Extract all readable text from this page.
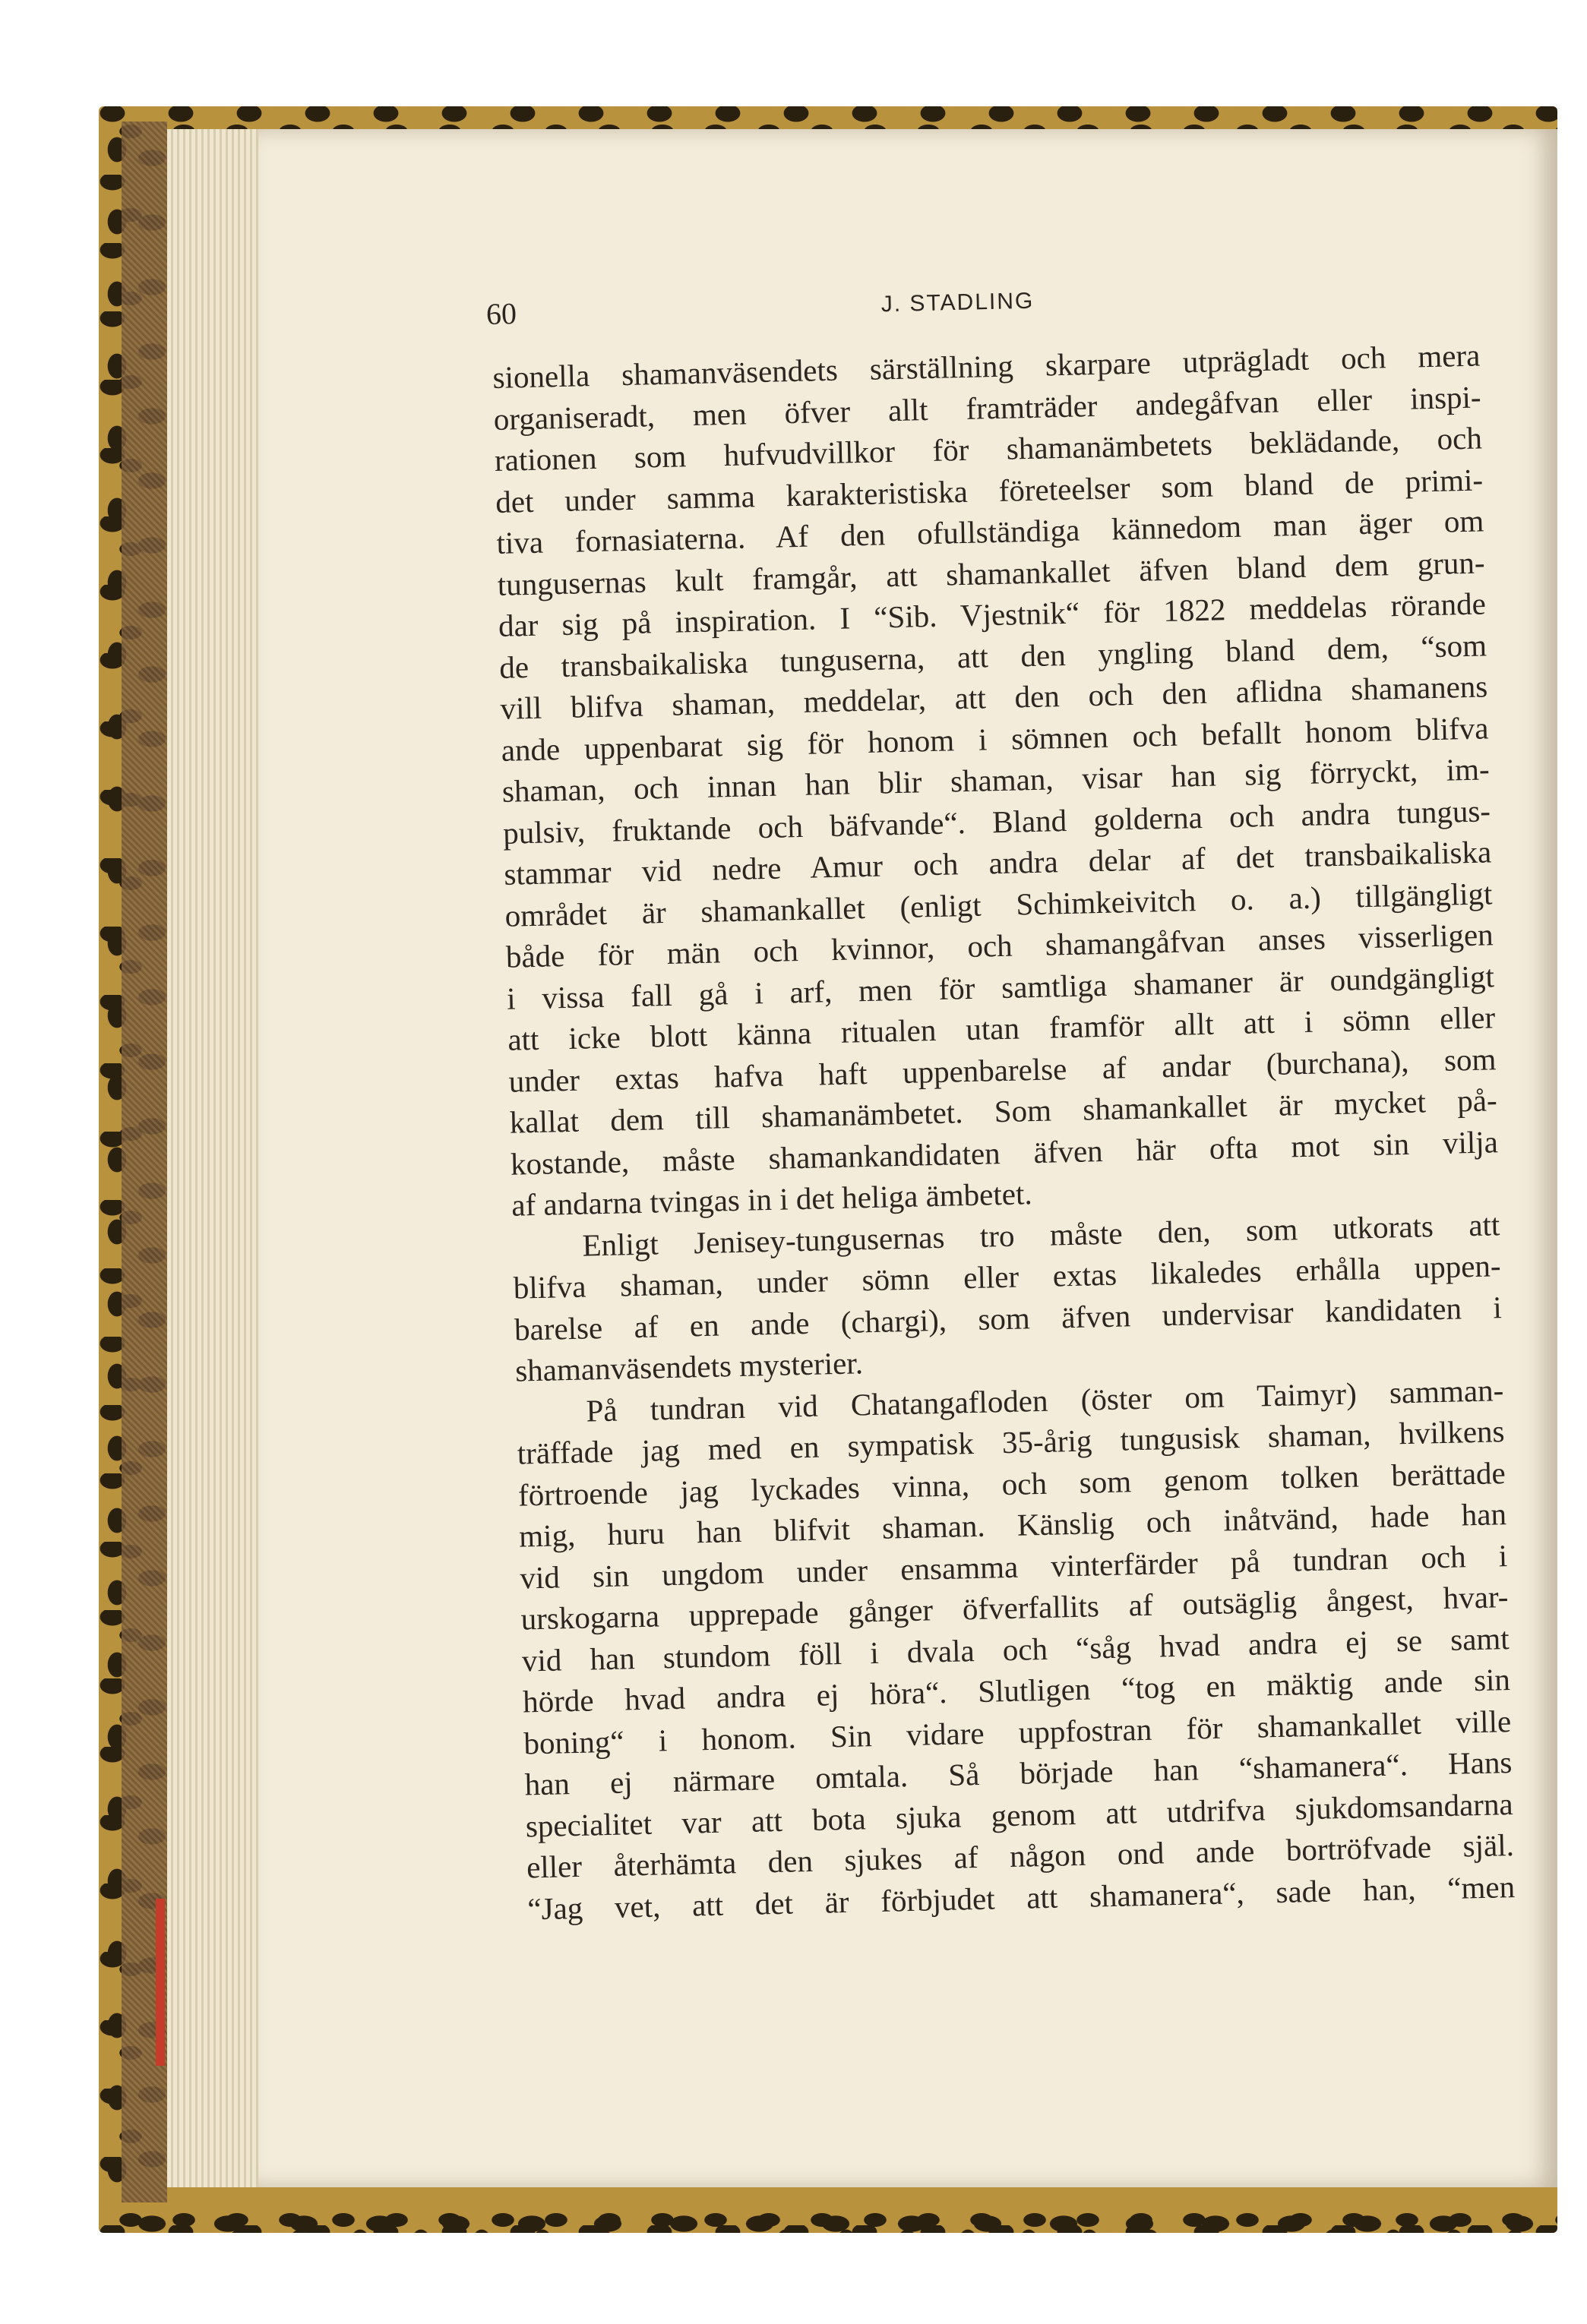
60	J. STADLING
sionella shamanväsendets särställning skarpare utprägladt och mera
organiseradt, men öfver allt framträder andegåfvan eller inspi-
rationen som hufvudvillkor för shamanämbetets beklädande, och
det under samma karakteristiska företeelser som bland de primi-
tiva fornasiaterna. Af den ofullständiga kännedom man äger om
tungusernas kult framgår, att shamankallet äfven bland dem grun-
dar sig på inspiration. I “Sib. Vjestnik“ för 1822 meddelas rörande
de transbaikaliska tunguserna, att den yngling bland dem, “som
vill blifva shaman, meddelar, att den och den aflidna shamanens
ande uppenbarat sig för honom i sömnen och befallt honom blifva
shaman, och innan han blir shaman, visar han sig förryckt, im-
pulsiv, fruktande och bäfvande“. Bland golderna och andra tungus-
stammar vid nedre Amur och andra delar af det transbaikaliska
området är shamankallet (enligt Schimkeivitch o. a.) tillgängligt
både för män och kvinnor, och shamangåfvan anses visserligen
i vissa fall gå i arf, men för samtliga shamaner är oundgängligt
att icke blott känna ritualen utan framför allt att i sömn eller
under extas hafva haft uppenbarelse af andar (burchana), som
kallat dem till shamanämbetet. Som shamankallet är mycket på-
kostande, måste shamankandidaten äfven här ofta mot sin vilja
af andarna tvingas in i det heliga ämbetet.
Enligt Jenisey-tungusernas tro måste den, som utkorats att
blifva shaman, under sömn eller extas likaledes erhålla uppen-
barelse af en ande (chargi), som äfven undervisar kandidaten i
shamanväsendets mysterier.
På tundran vid Chatangafloden (öster om Taimyr) samman-
träffade jag med en sympatisk 35-årig tungusisk shaman, hvilkens
förtroende jag lyckades vinna, och som genom tolken berättade
mig, huru han blifvit shaman. Känslig och inåtvänd, hade han
vid sin ungdom under ensamma vinterfärder på tundran och i
urskogarna upprepade gånger öfverfallits af outsäglig ångest, hvar-
vid han stundom föll i dvala och “såg hvad andra ej se samt
hörde hvad andra ej höra“. Slutligen “tog en mäktig ande sin
boning“ i honom. Sin vidare uppfostran för shamankallet ville
han ej närmare omtala. Så började han “shamanera“. Hans
specialitet var att bota sjuka genom att utdrifva sjukdomsandarna
eller återhämta den sjukes af någon ond ande bortröfvade själ.
“Jag vet, att det är förbjudet att shamanera“, sade han, “men
